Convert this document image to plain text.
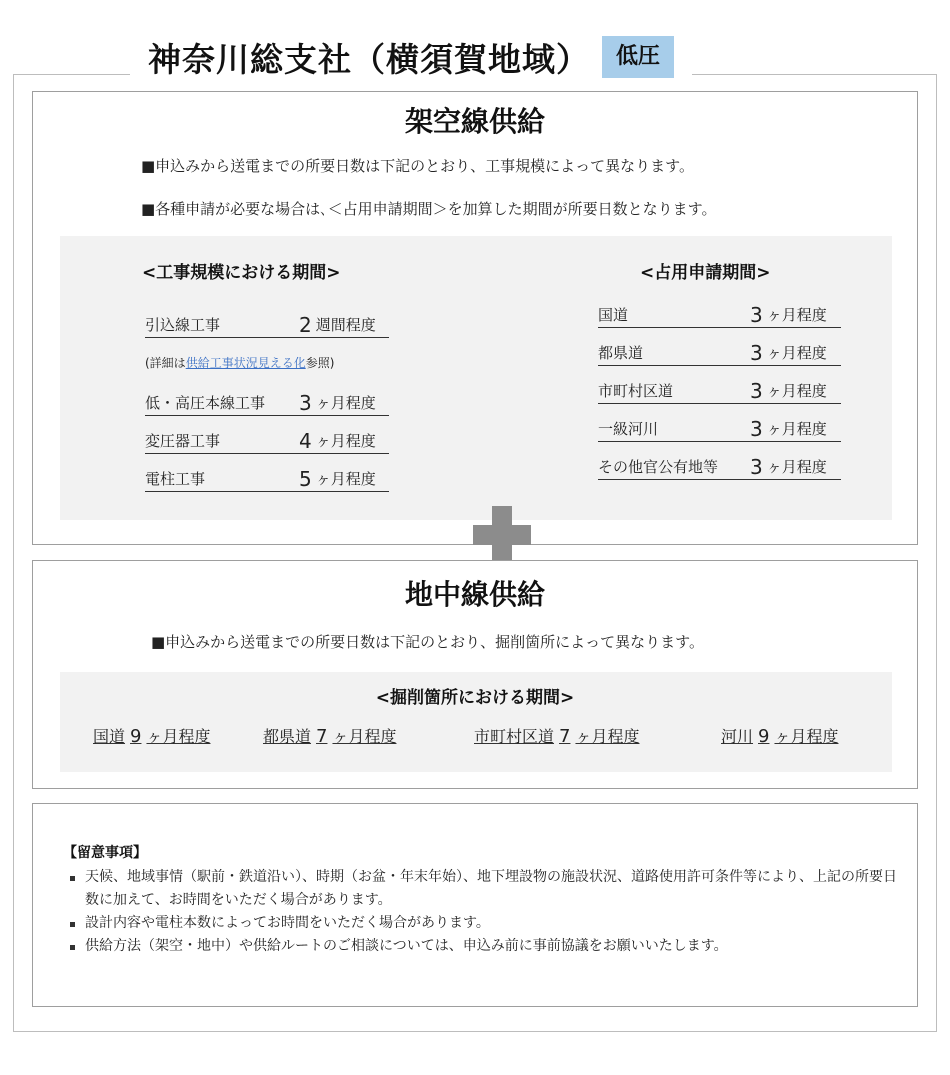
神奈川総支社（横須賀地域）	低圧
架空線供給
■申込みから送電までの所要日数は下記のとおり、工事規模によって異なります。
■各種申請が必要な場合は､＜占用申請期間＞を加算した期間が所要日数となります。
<工事規模における期間>	<占用申請期間>
引込線工事	2 週間程度
(詳細は供給工事状況見える化参照)
低・高圧本線工事	3 ヶ月程度
変圧器工事	4 ヶ月程度
電柱工事	5 ヶ月程度
国道	3 ヶ月程度
都県道	3 ヶ月程度
市町村区道	3 ヶ月程度
一級河川	3 ヶ月程度
その他官公有地等	3 ヶ月程度
地中線供給
■申込みから送電までの所要日数は下記のとおり、掘削箇所によって異なります。
<掘削箇所における期間>
国道 9 ヶ月程度	都県道 7 ヶ月程度	市町村区道 7 ヶ月程度	河川 9 ヶ月程度
【留意事項】
天候、地域事情（駅前・鉄道沿い）、時期（お盆・年末年始）、地下埋設物の施設状況、道路使用許可条件等により、上記の所要日数に加えて、お時間をいただく場合があります。
設計内容や電柱本数によってお時間をいただく場合があります。
供給方法（架空・地中）や供給ルートのご相談については、申込み前に事前協議をお願いいたします。
